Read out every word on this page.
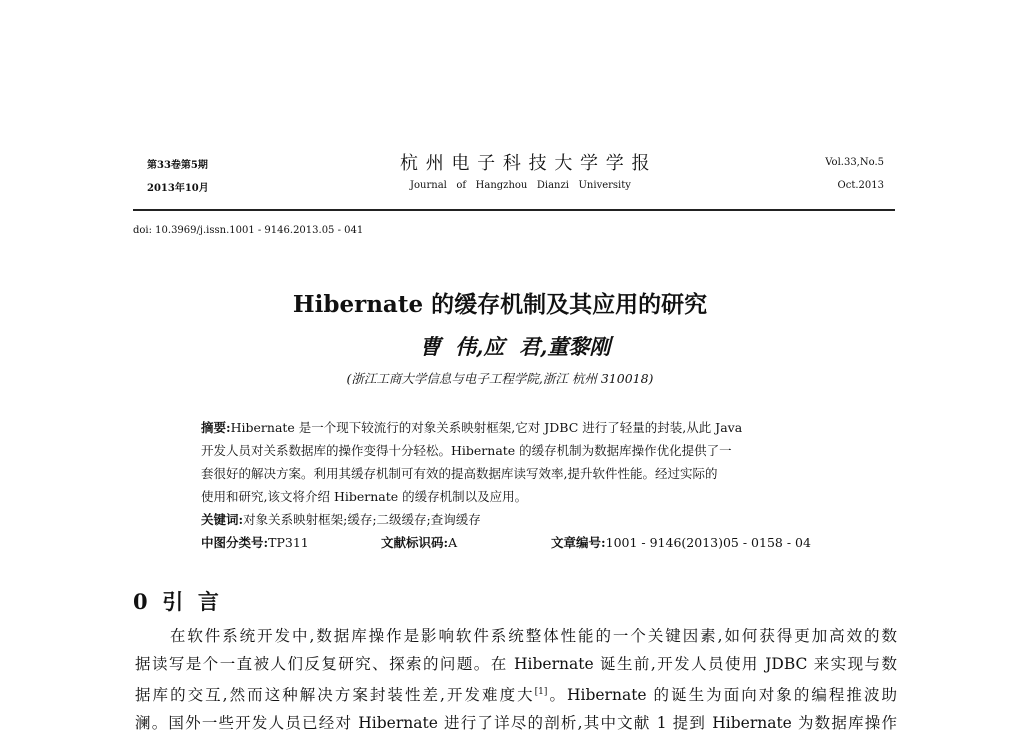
第33卷第5期
2013年10月
杭 州 电 子 科 技 大 学 学 报
Journal   of   Hangzhou   Dianzi   University
Vol.33,No.5
Oct.2013
doi: 10.3969/j.issn.1001 - 9146.2013.05 - 041
Hibernate 的缓存机制及其应用的研究
曹  伟,应  君,董黎刚
(浙江工商大学信息与电子工程学院,浙江 杭州 310018)
摘要:Hibernate 是一个现下较流行的对象关系映射框架,它对 JDBC 进行了轻量的封装,从此 Java
开发人员对关系数据库的操作变得十分轻松。Hibernate 的缓存机制为数据库操作优化提供了一
套很好的解决方案。利用其缓存机制可有效的提高数据库读写效率,提升软件性能。经过实际的
使用和研究,该文将介绍 Hibernate 的缓存机制以及应用。
关键词:对象关系映射框架;缓存;二级缓存;查询缓存
中图分类号:TP311	文献标识码:A	文章编号:1001 - 9146(2013)05 - 0158 - 04
0  引  言
　　在软件系统开发中,数据库操作是影响软件系统整体性能的一个关键因素,如何获得更加高效的数
据读写是个一直被人们反复研究、探索的问题。在 Hibernate 诞生前,开发人员使用 JDBC 来实现与数
据库的交互,然而这种解决方案封装性差,开发难度大[1]。Hibernate 的诞生为面向对象的编程推波助
澜。国外一些开发人员已经对 Hibernate 进行了详尽的剖析,其中文献 1 提到 Hibernate 为数据库操作
